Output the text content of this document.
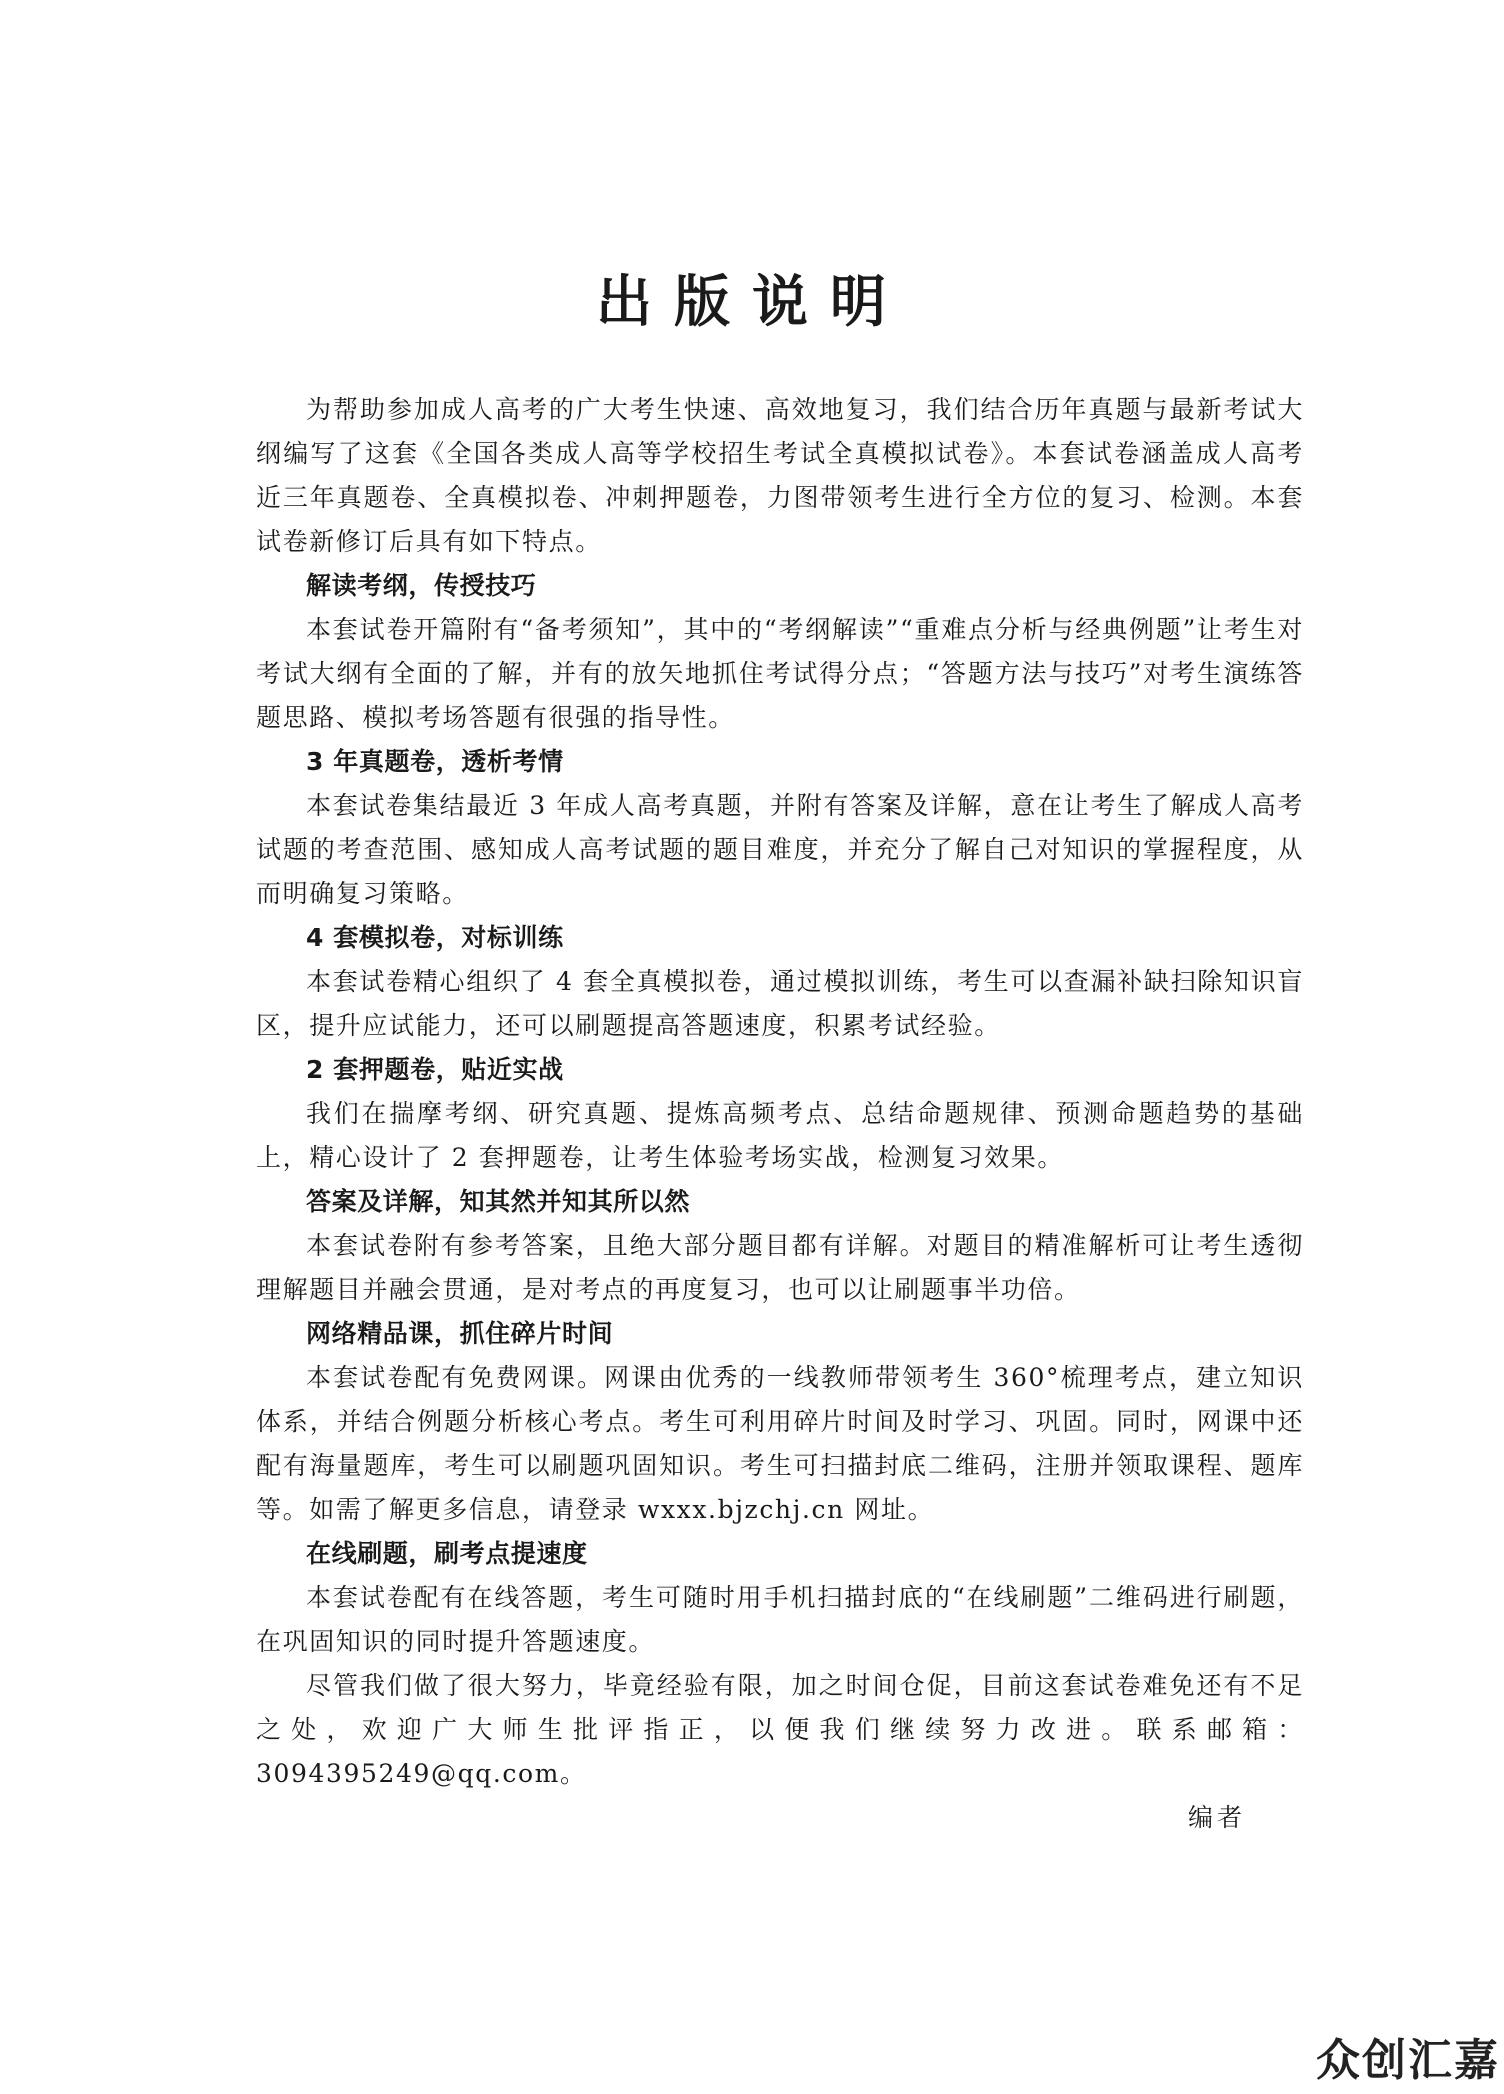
出版说明

为帮助参加成人高考的广大考生快速、高效地复习，我们结合历年真题与最新考试大纲编写了这套《全国各类成人高等学校招生考试全真模拟试卷》。本套试卷涵盖成人高考近三年真题卷、全真模拟卷、冲刺押题卷，力图带领考生进行全方位的复习、检测。本套试卷新修订后具有如下特点。

解读考纲，传授技巧

本套试卷开篇附有“备考须知”，其中的“考纲解读”“重难点分析与经典例题”让考生对考试大纲有全面的了解，并有的放矢地抓住考试得分点；“答题方法与技巧”对考生演练答题思路、模拟考场答题有很强的指导性。

3 年真题卷，透析考情

本套试卷集结最近 3 年成人高考真题，并附有答案及详解，意在让考生了解成人高考试题的考查范围、感知成人高考试题的题目难度，并充分了解自己对知识的掌握程度，从而明确复习策略。

4 套模拟卷，对标训练

本套试卷精心组织了 4 套全真模拟卷，通过模拟训练，考生可以查漏补缺扫除知识盲区，提升应试能力，还可以刷题提高答题速度，积累考试经验。

2 套押题卷，贴近实战

我们在揣摩考纲、研究真题、提炼高频考点、总结命题规律、预测命题趋势的基础上，精心设计了 2 套押题卷，让考生体验考场实战，检测复习效果。

答案及详解，知其然并知其所以然

本套试卷附有参考答案，且绝大部分题目都有详解。对题目的精准解析可让考生透彻理解题目并融会贯通，是对考点的再度复习，也可以让刷题事半功倍。

网络精品课，抓住碎片时间

本套试卷配有免费网课。网课由优秀的一线教师带领考生 360°梳理考点，建立知识体系，并结合例题分析核心考点。考生可利用碎片时间及时学习、巩固。同时，网课中还配有海量题库，考生可以刷题巩固知识。考生可扫描封底二维码，注册并领取课程、题库等。如需了解更多信息，请登录 wxxx.bjzchj.cn 网址。

在线刷题，刷考点提速度

本套试卷配有在线答题，考生可随时用手机扫描封底的“在线刷题”二维码进行刷题，在巩固知识的同时提升答题速度。

尽管我们做了很大努力，毕竟经验有限，加之时间仓促，目前这套试卷难免还有不足之处，欢迎广大师生批评指正，以便我们继续努力改进。联系邮箱：3094395249@qq.com。

编者
众创汇嘉
